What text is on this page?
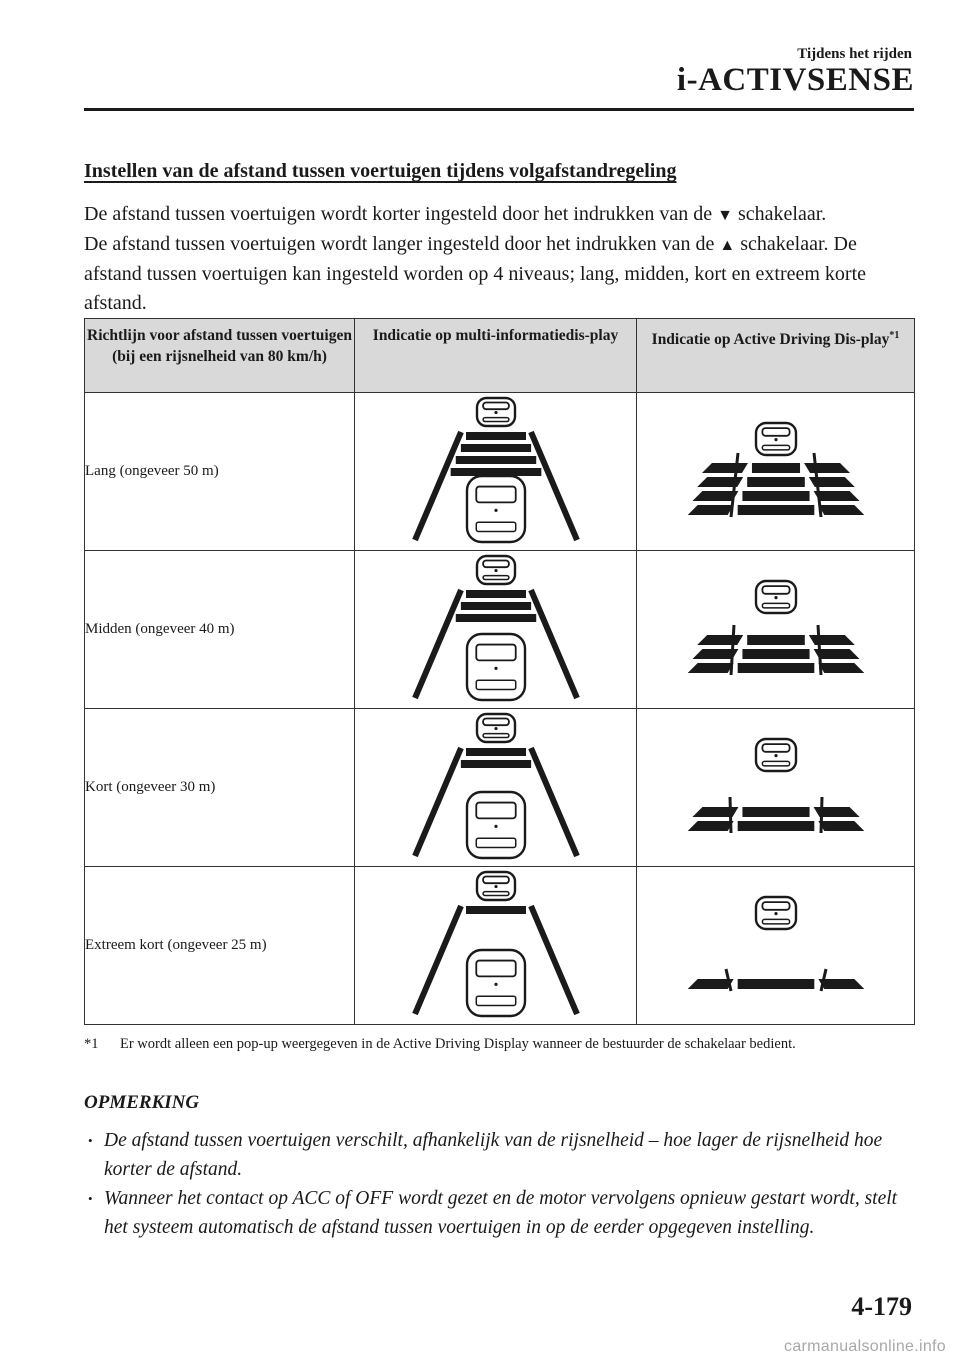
Tijdens het rijden
i-ACTIVSENSE
Instellen van de afstand tussen voertuigen tijdens volgafstandregeling

De afstand tussen voertuigen wordt korter ingesteld door het indrukken van de ▼ schakelaar.

De afstand tussen voertuigen wordt langer ingesteld door het indrukken van de ▲ schakelaar. De afstand tussen voertuigen kan ingesteld worden op 4 niveaus; lang, midden, kort en extreem korte afstand.

Richtlijn voor afstand tussen voertuigen (bij een rijsnelheid van 80 km/h)	Indicatie op multi-informatiedis-play	Indicatie op Active Driving Dis-play$^{*1}$
Lang (ongeveer 50 m)		
Midden (ongeveer 40 m)		
Kort (ongeveer 30 m)		
Extreem kort (ongeveer 25 m)		
*1 Er wordt alleen een pop-up weergegeven in de Active Driving Display wanneer de bestuurder de schakelaar bedient.
OPMERKING
• De afstand tussen voertuigen verschilt, afhankelijk van de rijsnelheid – hoe lager de rijsnelheid hoe korter de afstand.
• Wanneer het contact op ACC of OFF wordt gezet en de motor vervolgens opnieuw gestart wordt, stelt het systeem automatisch de afstand tussen voertuigen in op de eerder opgegeven instelling.
4-179
carmanualsonline.info
